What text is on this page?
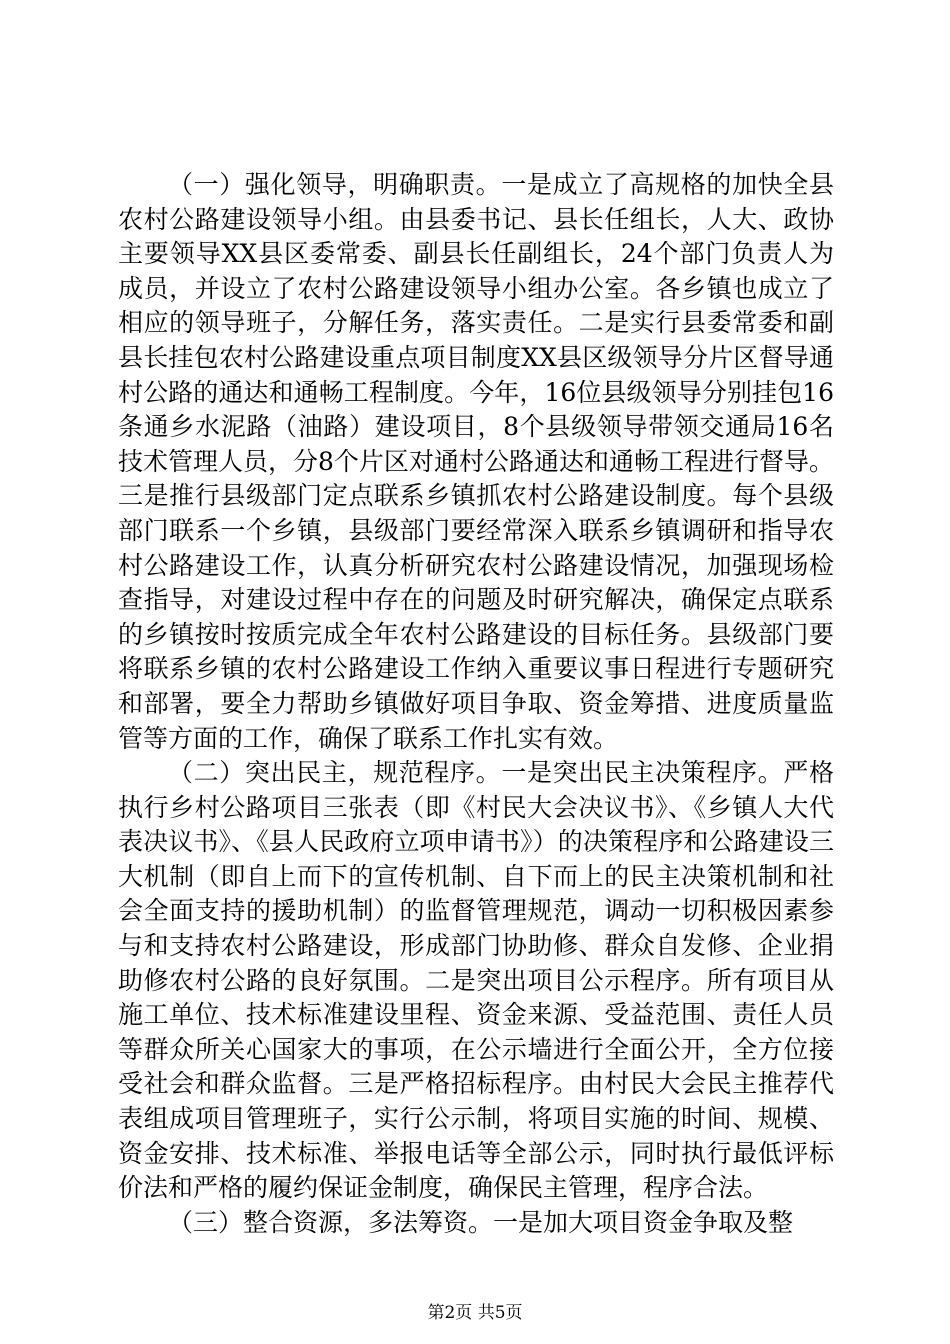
（一）强化领导，明确职责。一是成立了高规格的加快全县农村公路建设领导小组。由县委书记、县长任组长，人大、政协主要领导XX县区委常委、副县长任副组长，24个部门负责人为成员，并设立了农村公路建设领导小组办公室。各乡镇也成立了相应的领导班子，分解任务，落实责任。二是实行县委常委和副县长挂包农村公路建设重点项目制度XX县区级领导分片区督导通村公路的通达和通畅工程制度。今年，16位县级领导分别挂包16条通乡水泥路（油路）建设项目，8个县级领导带领交通局16名技术管理人员，分8个片区对通村公路通达和通畅工程进行督导。三是推行县级部门定点联系乡镇抓农村公路建设制度。每个县级部门联系一个乡镇，县级部门要经常深入联系乡镇调研和指导农村公路建设工作，认真分析研究农村公路建设情况，加强现场检查指导，对建设过程中存在的问题及时研究解决，确保定点联系的乡镇按时按质完成全年农村公路建设的目标任务。县级部门要将联系乡镇的农村公路建设工作纳入重要议事日程进行专题研究和部署，要全力帮助乡镇做好项目争取、资金筹措、进度质量监管等方面的工作，确保了联系工作扎实有效。

（二）突出民主，规范程序。一是突出民主决策程序。严格执行乡村公路项目三张表（即《村民大会决议书》、《乡镇人大代表决议书》、《县人民政府立项申请书》）的决策程序和公路建设三大机制（即自上而下的宣传机制、自下而上的民主决策机制和社会全面支持的援助机制）的监督管理规范，调动一切积极因素参与和支持农村公路建设，形成部门协助修、群众自发修、企业捐助修农村公路的良好氛围。二是突出项目公示程序。所有项目从施工单位、技术标准建设里程、资金来源、受益范围、责任人员等群众所关心国家大的事项，在公示墙进行全面公开，全方位接受社会和群众监督。三是严格招标程序。由村民大会民主推荐代表组成项目管理班子，实行公示制，将项目实施的时间、规模、资金安排、技术标准、举报电话等全部公示，同时执行最低评标价法和严格的履约保证金制度，确保民主管理，程序合法。

（三）整合资源，多法筹资。一是加大项目资金争取及整

第2页 共5页
